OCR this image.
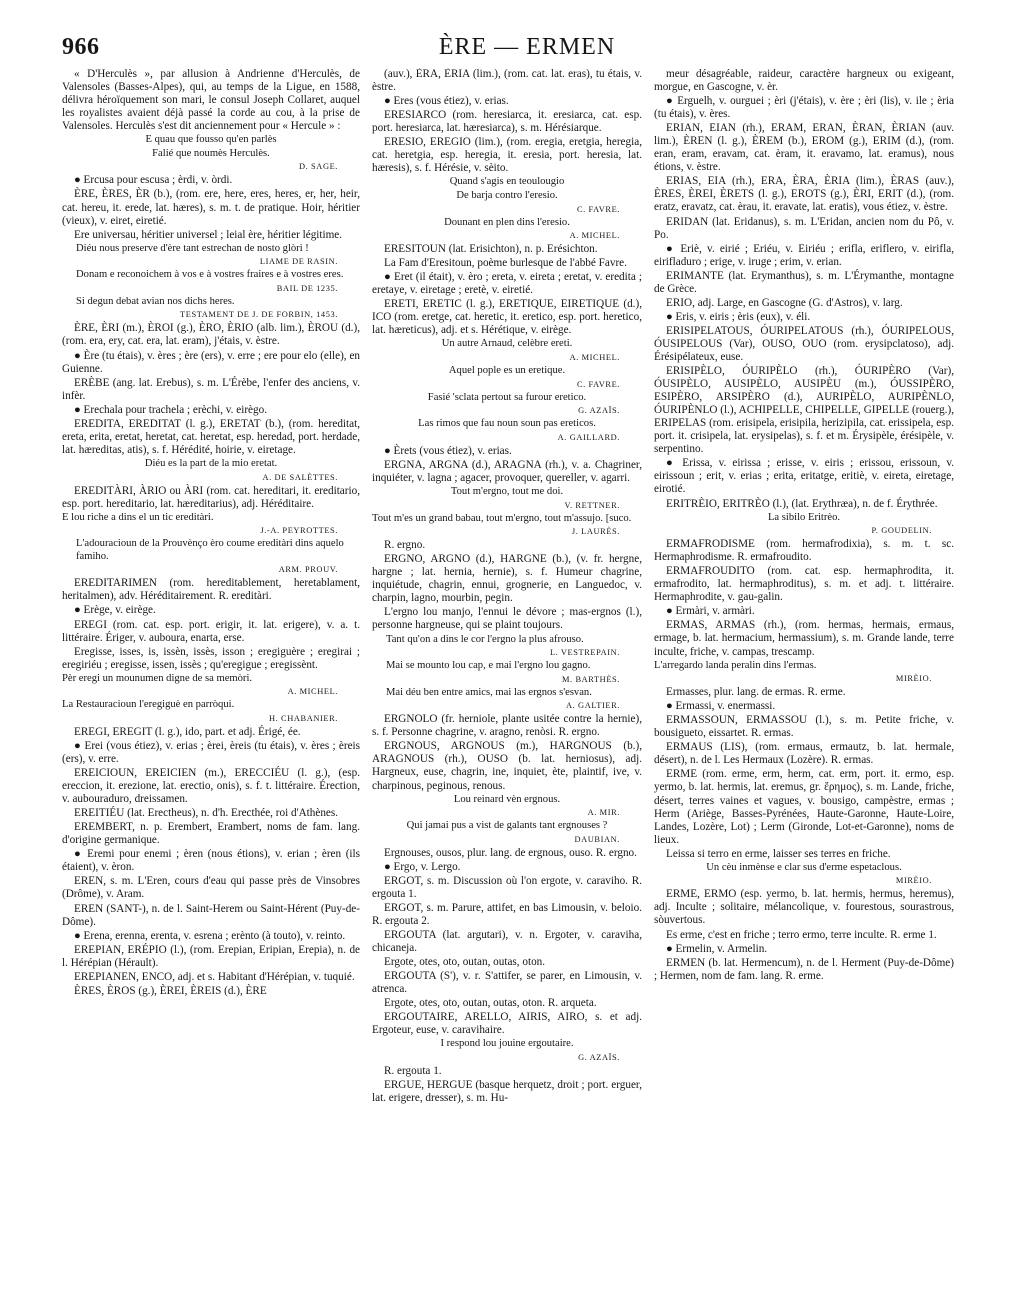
966	ÈRE — ERMEN

« D'Herculès », par allusion à Andrienne d'Herculès, de Valensoles (Basses-Alpes), qui, au temps de la Ligue, en 1588, délivra héroïquement son mari, le consul Joseph Collaret, auquel les royalistes avaient déjà passé la corde au cou, à la prise de Valensoles. Herculès s'est dit anciennement pour « Hercule » :

E quau que fousso qu'en parlès

Falié que noumès Herculès.

D. SAGE.

● Ercusa pour escusa ; èrdi, v. òrdi.

ÈRE, ÈRES, ÈR (b.), (rom. ere, here, eres, heres, er, her, heir, cat. hereu, it. erede, lat. hæres), s. m. t. de pratique. Hoir, héritier (vieux), v. eiret, eiretié.

Ere universau, héritier universel ; leial ère, héritier légitime.

Diéu nous preserve d'ère tant estrechan de nosto glòri !

LIAME DE RASIN.

Donam e reconoichem à vos e à vostres fraires e à vostres eres.

BAIL DE 1235.

Si degun debat avian nos dichs heres.

TESTAMENT DE J. DE FORBIN, 1453.

ÈRE, ÈRI (m.), ÈROI (g.), ÈRO, ÈRIO (alb. lim.), ÈROU (d.), (rom. era, ery, cat. era, lat. eram), j'étais, v. èstre.

● Ère (tu étais), v. ères ; ère (ers), v. erre ; ere pour elo (elle), en Guienne.

ERÈBE (ang. lat. Erebus), s. m. L'Érèbe, l'enfer des anciens, v. infèr.

● Erechala pour trachela ; erèchi, v. eirègo.

EREDITA, EREDITAT (l. g.), ERETAT (b.), (rom. hereditat, ereta, erita, eretat, heretat, cat. heretat, esp. heredad, port. herdade, lat. hæreditas, atis), s. f. Hérédité, hoirie, v. eiretage.

Diéu es la part de la mio eretat.

A. DE SALÈTTES.

EREDITÀRI, ÀRIO ou ÀRI (rom. cat. hereditari, it. ereditario, esp. port. hereditario, lat. hæreditarius), adj. Héréditaire.

E lou riche a dins el un tic ereditàri.

J.-A. PEYROTTES.

L'adouracioun de la Prouvènço èro coume ereditàri dins aquelo famiho.

ARM. PROUV.

EREDITARIMEN (rom. hereditablement, heretablament, heritalmen), adv. Héréditairement. R. ereditàri.

● Erège, v. eirège.

EREGI (rom. cat. esp. port. erigir, it. lat. erigere), v. a. t. littéraire. Ériger, v. auboura, enarta, erse.

Eregisse, isses, is, issèn, issès, isson ; eregiguère ; eregirai ; eregiriéu ; eregisse, issen, issès ; qu'eregigue ; eregissènt.

Pèr eregi un mounumen digne de sa memòri.

A. MICHEL.

La Restauracioun l'eregiguè en parròqui.

H. CHABANIER.

EREGI, EREGIT (l. g.), ido, part. et adj. Érigé, ée.

● Erei (vous étiez), v. erias ; èrei, èreis (tu étais), v. ères ; èreis (ers), v. erre.

EREICIOUN, EREICIEN (m.), ERECCIÉU (l. g.), (esp. ereccion, it. erezione, lat. erectio, onis), s. f. t. littéraire. Érection, v. aubouraduro, dreissamen.

EREITIÉU (lat. Erectheus), n. d'h. Erecthée, roi d'Athènes.

EREMBERT, n. p. Erembert, Erambert, noms de fam. lang. d'origine germanique.

● Eremi pour enemi ; èren (nous étions), v. erian ; èren (ils étaient), v. èron.

EREN, s. m. L'Eren, cours d'eau qui passe près de Vinsobres (Drôme), v. Aram.

EREN (SANT-), n. de l. Saint-Herem ou Saint-Hérent (Puy-de-Dôme).

● Erena, erenna, erenta, v. esrena ; erènto (à touto), v. reinto.

EREPIAN, ERÉPIO (l.), (rom. Erepian, Eripian, Erepia), n. de l. Hérépian (Hérault).

EREPIANEN, ENCO, adj. et s. Habitant d'Hérépian, v. tuquié.

ÈRES, ÈROS (g.), ÈREI, ÈREIS (d.), ÈRE

(auv.), ÈRA, ÈRIA (lim.), (rom. cat. lat. eras), tu étais, v. èstre.

● Eres (vous étiez), v. erias.

ERESIARCO (rom. heresiarca, it. eresiarca, cat. esp. port. heresiarca, lat. hæresiarca), s. m. Hérésiarque.

ERESIO, EREGIO (lim.), (rom. eregia, eretgia, heregia, cat. heretgia, esp. heregia, it. eresia, port. heresia, lat. hæresis), s. f. Hérésie, v. sèito.

Quand s'agis en teoulougio

De barja contro l'eresio.

C. FAVRE.

Dounant en plen dins l'eresio.

A. MICHEL.

ERESITOUN (lat. Erisichton), n. p. Erésichton.

La Fam d'Eresitoun, poème burlesque de l'abbé Favre.

● Eret (il était), v. èro ; ereta, v. eireta ; eretat, v. eredita ; eretaye, v. eiretage ; eretè, v. eiretié.

ERETI, ERETIC (l. g.), ERETIQUE, EIRETIQUE (d.), ICO (rom. eretge, cat. heretic, it. eretico, esp. port. heretico, lat. hæreticus), adj. et s. Hérétique, v. eirège.

Un autre Arnaud, celèbre ereti.

A. MICHEL.

Aquel pople es un eretique.

C. FAVRE.

Fasié 'sclata pertout sa furour eretico.

G. AZAÏS.

Las rimos que fau noun soun pas ereticos.

A. GAILLARD.

● Èrets (vous étiez), v. erias.

ERGNA, ARGNA (d.), ARAGNA (rh.), v. a. Chagriner, inquiéter, v. lagna ; agacer, provoquer, quereller, v. agarri.

Tout m'ergno, tout me doi.

V. RETTNER.

Tout m'es un grand babau, tout m'ergno, tout m'assujo. [suco.

J. LAURÈS.

R. ergno.

ERGNO, ARGNO (d.), HARGNE (b.), (v. fr. hergne, hargne ; lat. hernia, hernie), s. f. Humeur chagrine, inquiétude, chagrin, ennui, grognerie, en Languedoc, v. charpin, lagno, mourbin, pegin.

L'ergno lou manjo, l'ennui le dévore ; mas-ergnos (l.), personne hargneuse, qui se plaint toujours.

Tant qu'on a dins le cor l'ergno la plus afrouso.

L. VESTREPAIN.

Mai se mounto lou cap, e mai l'ergno lou gagno.

M. BARTHÈS.

Mai déu ben entre amics, mai las ergnos s'esvan.

A. GALTIER.

ERGNOLO (fr. herniole, plante usitée contre la hernie), s. f. Personne chagrine, v. aragno, renòsi. R. ergno.

ERGNOUS, ARGNOUS (m.), HARGNOUS (b.), ARAGNOUS (rh.), OUSO (b. lat. herniosus), adj. Hargneux, euse, chagrin, ine, inquiet, ète, plaintif, ive, v. charpinous, peginous, renous.

Lou reinard vèn ergnous.

A. MIR.

Qui jamai pus a vist de galants tant ergnouses ?

DAUBIAN.

Ergnouses, ousos, plur. lang. de ergnous, ouso. R. ergno.

● Ergo, v. Lergo.

ERGOT, s. m. Discussion où l'on ergote, v. caraviho. R. ergouta 1.

ERGOT, s. m. Parure, attifet, en bas Limousin, v. beloio. R. ergouta 2.

ERGOUTA (lat. argutari), v. n. Ergoter, v. caraviha, chicaneja.

Ergote, otes, oto, outan, outas, oton.

ERGOUTA (S'), v. r. S'attifer, se parer, en Limousin, v. atrenca.

Ergote, otes, oto, outan, outas, oton. R. arqueta.

ERGOUTAIRE, ARELLO, AIRIS, AIRO, s. et adj. Ergoteur, euse, v. caravihaire.

I respond lou jouine ergoutaire.

G. AZAÏS.

R. ergouta 1.

ERGUE, HERGUE (basque herquetz, droit ; port. erguer, lat. erigere, dresser), s. m. Hu-

meur désagréable, raideur, caractère hargneux ou exigeant, morgue, en Gascogne, v. èr.

● Erguelh, v. ourguei ; èri (j'étais), v. ère ; èri (lis), v. ile ; èria (tu étais), v. ères.

ERIAN, EIAN (rh.), ERAM, ERAN, ÈRAN, ÈRIAN (auv. lim.), ÈREN (l. g.), ÈREM (b.), EROM (g.), ERIM (d.), (rom. eran, eram, eravam, cat. èram, it. eravamo, lat. eramus), nous étions, v. èstre.

ERIAS, EIA (rh.), ERA, ÈRA, ÈRIA (lim.), ÈRAS (auv.), ÈRES, ÈREI, ÈRETS (l. g.), EROTS (g.), ÈRI, ERIT (d.), (rom. eratz, eravatz, cat. èrau, it. eravate, lat. eratis), vous étiez, v. èstre.

ERIDAN (lat. Eridanus), s. m. L'Eridan, ancien nom du Pô, v. Po.

● Eriè, v. eirié ; Eriéu, v. Eiriéu ; erifla, eriflero, v. eirifla, eirifladuro ; erige, v. iruge ; erim, v. erian.

ERIMANTE (lat. Erymanthus), s. m. L'Érymanthe, montagne de Grèce.

ERIO, adj. Large, en Gascogne (G. d'Astros), v. larg.

● Eris, v. eiris ; èris (eux), v. éli.

ERISIPELATOUS, ÓURIPELATOUS (rh.), ÓURIPELOUS, ÓUSIPELOUS (Var), OUSO, OUO (rom. erysipclatoso), adj. Érésipélateux, euse.

ERISIPÈLO, ÓURIPÈLO (rh.), ÓURIPÈRO (Var), ÓUSIPÈLO, AUSIPÈLO, AUSIPÈU (m.), ÓUSSIPÈRO, ESIPÈRO, ARSIPÈRO (d.), AURIPÈLO, AURIPÈNLO, ÓURIPÈNLO (l.), ACHIPELLE, CHIPELLE, GIPELLE (rouerg.), ERIPELAS (rom. erisipela, erisipila, herizipila, cat. erissipela, esp. port. it. crisipela, lat. erysipelas), s. f. et m. Érysipèle, érésipèle, v. serpentino.

● Erissa, v. eirissa ; erisse, v. eiris ; erissou, erissoun, v. eirissoun ; erit, v. erias ; erita, eritatge, eritiè, v. eireta, eiretage, eirotié.

ERITRÈIO, ERITRÈO (l.), (lat. Erythræa), n. de f. Érythrée.

La sibilo Eritrèo.

P. GOUDELIN.

ERMAFRODISME (rom. hermafrodixia), s. m. t. sc. Hermaphrodisme. R. ermafroudito.

ERMAFROUDITO (rom. cat. esp. hermaphrodita, it. ermafrodito, lat. hermaphroditus), s. m. et adj. t. littéraire. Hermaphrodite, v. gau-galin.

● Ermàri, v. armàri.

ERMAS, ARMAS (rh.), (rom. hermas, hermais, ermaus, ermage, b. lat. hermacium, hermassium), s. m. Grande lande, terre inculte, friche, v. campas, trescamp.

L'arregardo landa peralin dins l'ermas.

MIRÈIO.

Ermasses, plur. lang. de ermas. R. erme.

● Ermassi, v. enermassi.

ERMASSOUN, ERMASSOU (l.), s. m. Petite friche, v. bousigueto, eissartet. R. ermas.

ERMAUS (LIS), (rom. ermaus, ermautz, b. lat. hermale, désert), n. de l. Les Hermaux (Lozère). R. ermas.

ERME (rom. erme, erm, herm, cat. erm, port. it. ermo, esp. yermo, b. lat. hermis, lat. eremus, gr. ἔρημος), s. m. Lande, friche, désert, terres vaines et vagues, v. bousigo, campèstre, ermas ; Herm (Ariège, Basses-Pyrénées, Haute-Garonne, Haute-Loire, Landes, Lozère, Lot) ; Lerm (Gironde, Lot-et-Garonne), noms de lieux.

Leissa si terro en erme, laisser ses terres en friche.

Un cèu inmènse e clar sus d'erme espetaclous.

MIRÈIO.

ERME, ERMO (esp. yermo, b. lat. hermis, hermus, heremus), adj. Inculte ; solitaire, mélancolique, v. fourestous, sourastrous, sòuvertous.

Es erme, c'est en friche ; terro ermo, terre inculte. R. erme 1.

● Ermelin, v. Armelin.

ERMEN (b. lat. Hermencum), n. de l. Herment (Puy-de-Dôme) ; Hermen, nom de fam. lang. R. erme.
